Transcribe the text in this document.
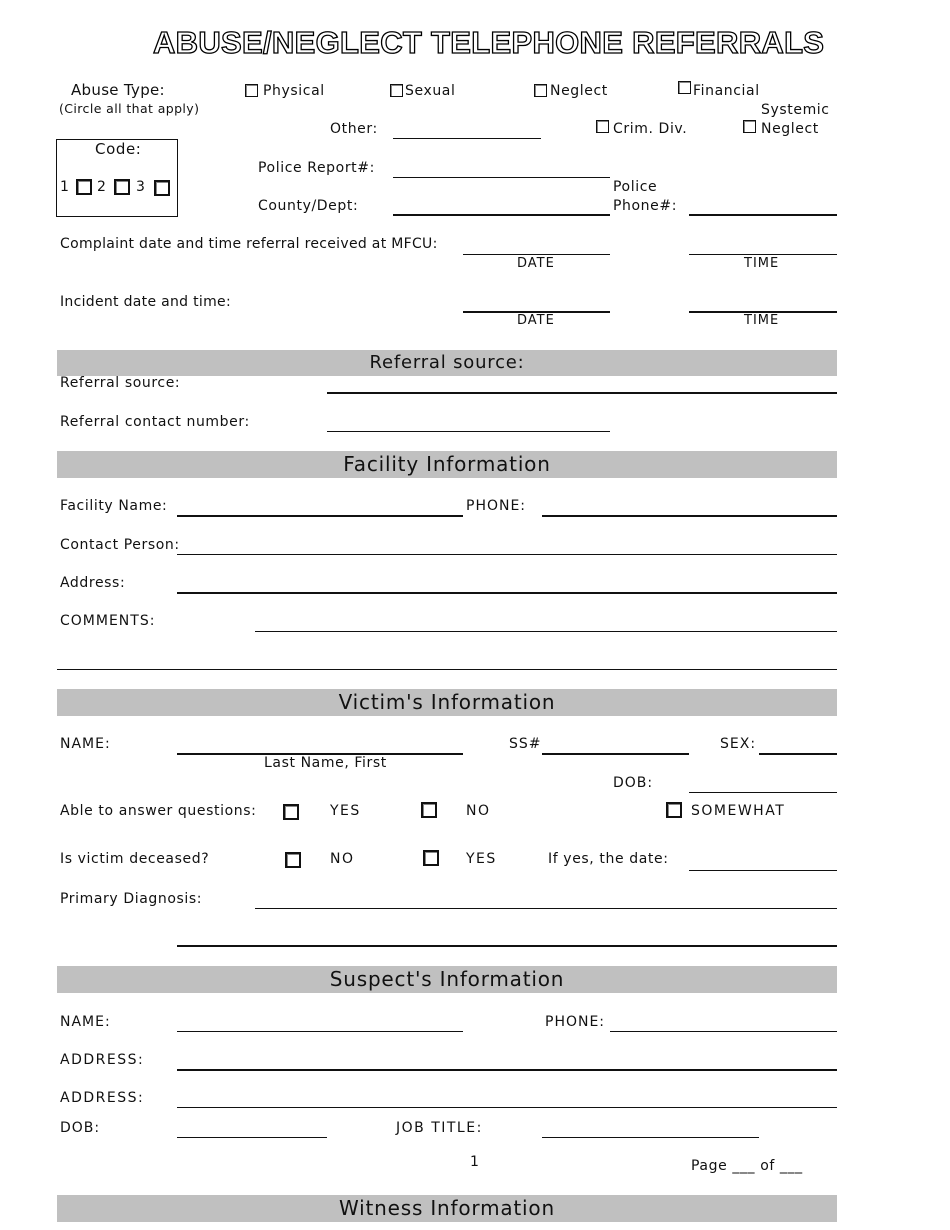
ABUSE/NEGLECT TELEPHONE REFERRALS
Abuse Type:
(Circle all that apply)
Physical	Sexual	Neglect	Financial
Systemic
Neglect
Other:	Crim. Div.
Code:
1 2 3
Police Report#:
County/Dept:
Police
Phone#:
Complaint date and time referral received at MFCU:
DATE	TIME
Incident date and time:
DATE	TIME
Referral source:
Referral source:
Referral contact number:
Facility Information
Facility Name:	PHONE:
Contact Person:
Address:
COMMENTS:
Victim's Information
NAME:
Last Name, First
SS#	SEX:
DOB:
Able to answer questions:	YES	NO	SOMEWHAT
Is victim deceased?	NO	YES	If yes, the date:
Primary Diagnosis:
Suspect's Information
NAME:	PHONE:
ADDRESS:
ADDRESS:
DOB:	JOB TITLE:
1	Page ___ of ___
Witness Information
